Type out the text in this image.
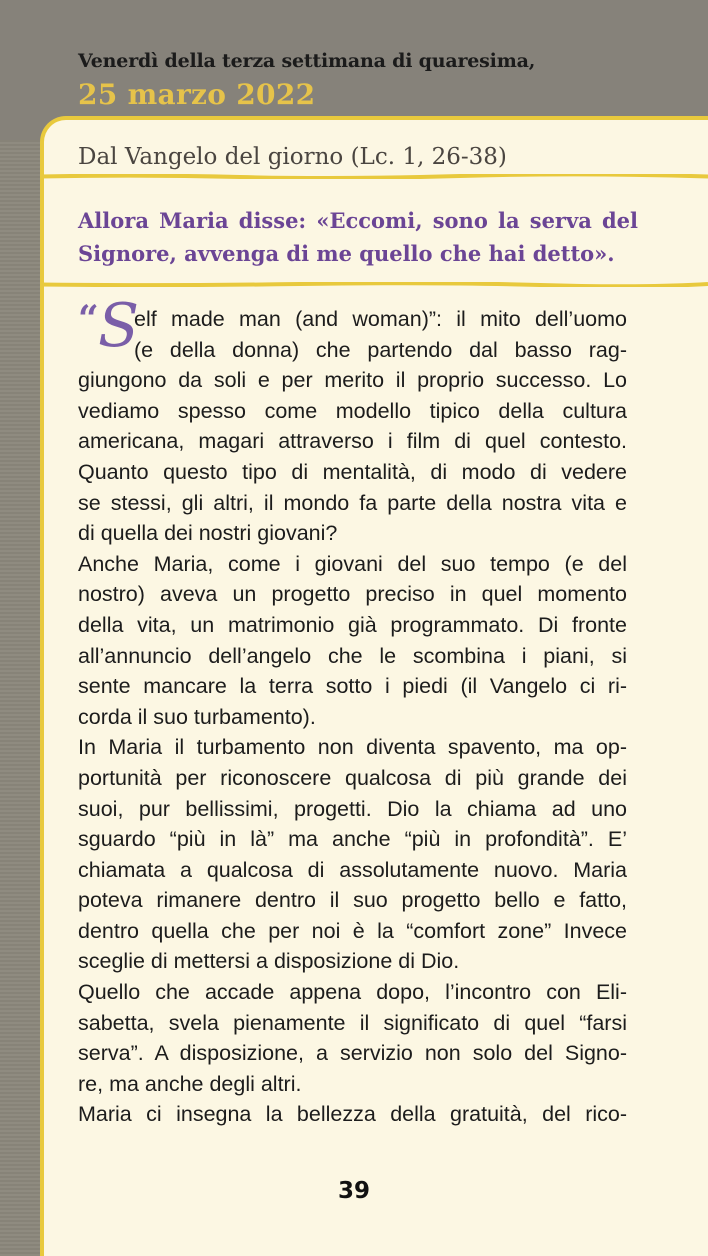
Venerdì della terza settimana di quaresima,
25 marzo 2022
Dal Vangelo del giorno (Lc. 1, 26-38)
Allora Maria disse: «Eccomi, sono la serva del
Signore, avvenga di me quello che hai detto».
“ S
elf made man (and woman)”: il mito dell’uomo
(e della donna) che partendo dal basso rag-
giungono da soli e per merito il proprio successo. Lo
vediamo spesso come modello tipico della cultura
americana, magari attraverso i film di quel contesto.
Quanto questo tipo di mentalità, di modo di vedere
se stessi, gli altri, il mondo fa parte della nostra vita e
di quella dei nostri giovani?
Anche Maria, come i giovani del suo tempo (e del
nostro) aveva un progetto preciso in quel momento
della vita, un matrimonio già programmato. Di fronte
all’annuncio dell’angelo che le scombina i piani, si
sente mancare la terra sotto i piedi (il Vangelo ci ri-
corda il suo turbamento).
In Maria il turbamento non diventa spavento, ma op-
portunità per riconoscere qualcosa di più grande dei
suoi, pur bellissimi, progetti. Dio la chiama ad uno
sguardo “più in là” ma anche “più in profondità”. E’
chiamata a qualcosa di assolutamente nuovo. Maria
poteva rimanere dentro il suo progetto bello e fatto,
dentro quella che per noi è la “comfort zone” Invece
sceglie di mettersi a disposizione di Dio.
Quello che accade appena dopo, l’incontro con Eli-
sabetta, svela pienamente il significato di quel “farsi
serva”. A disposizione, a servizio non solo del Signo-
re, ma anche degli altri.
Maria ci insegna la bellezza della gratuità, del rico-
39
